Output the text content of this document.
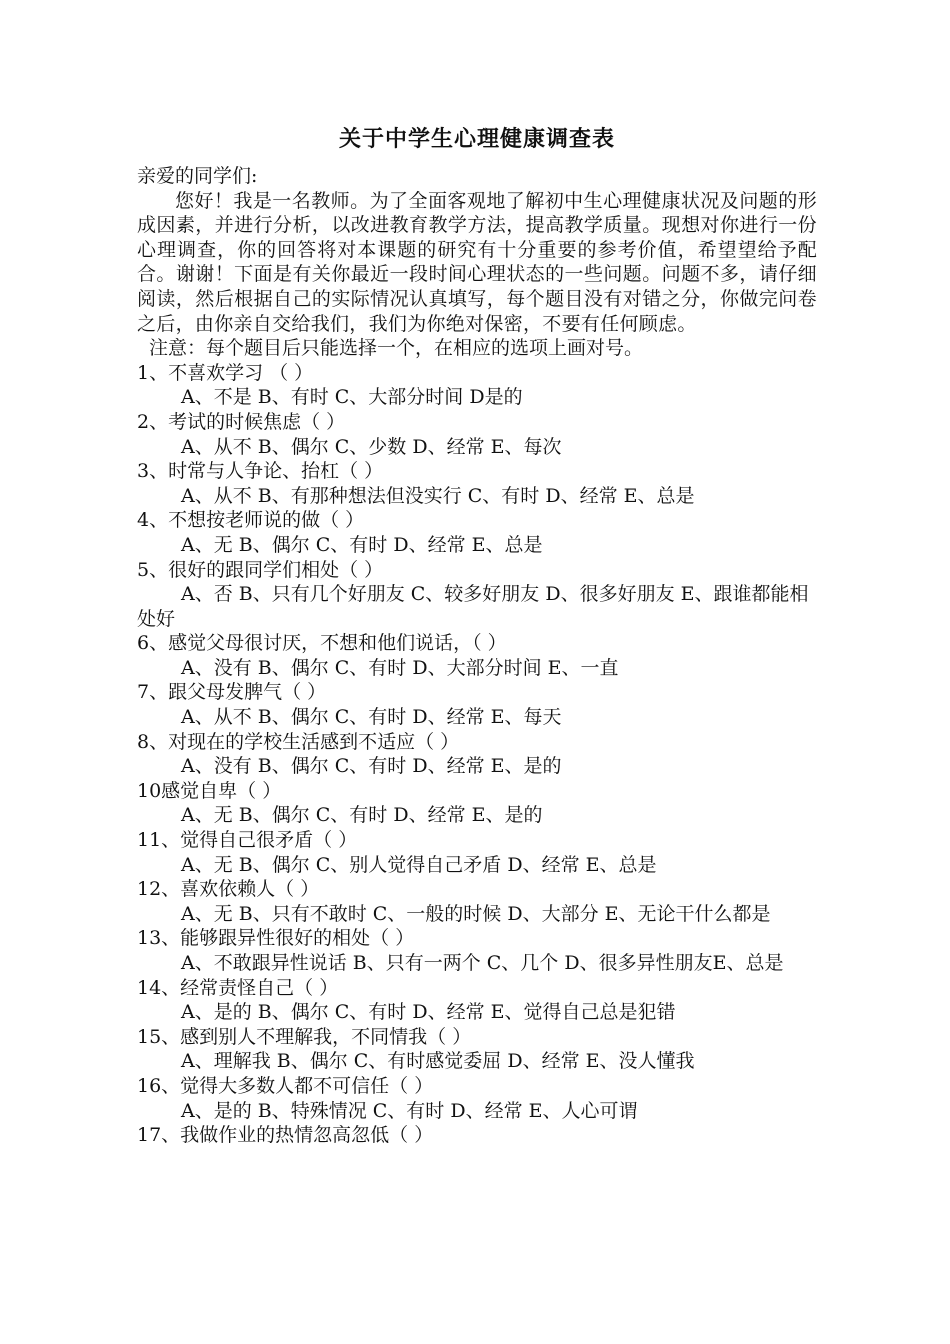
关于中学生心理健康调查表

亲爱的同学们:

您好！我是一名教师。为了全面客观地了解初中生心理健康状况及问题的形成因素，并进行分析，以改进教育教学方法，提高教学质量。现想对你进行一份心理调查，你的回答将对本课题的研究有十分重要的参考价值，希望望给予配合。谢谢！下面是有关你最近一段时间心理状态的一些问题。问题不多，请仔细阅读，然后根据自己的实际情况认真填写，每个题目没有对错之分，你做完问卷之后，由你亲自交给我们，我们为你绝对保密，不要有任何顾虑。

注意：每个题目后只能选择一个，在相应的选项上画对号。

1、不喜欢学习 （ ）

A、不是 B、有时 C、大部分时间 D是的

2、考试的时候焦虑（ ）

A、从不 B、偶尔 C、少数 D、经常 E、每次

3、时常与人争论、抬杠（ ）

A、从不 B、有那种想法但没实行 C、有时 D、经常 E、总是

4、不想按老师说的做（ ）

A、无 B、偶尔 C、有时 D、经常 E、总是

5、很好的跟同学们相处（ ）

A、否 B、只有几个好朋友 C、较多好朋友 D、很多好朋友 E、跟谁都能相处好

6、感觉父母很讨厌，不想和他们说话，（ ）

A、没有 B、偶尔 C、有时 D、大部分时间 E、一直

7、跟父母发脾气（ ）

A、从不 B、偶尔 C、有时 D、经常 E、每天

8、对现在的学校生活感到不适应（ ）

A、没有 B、偶尔 C、有时 D、经常 E、是的

10感觉自卑（ ）

A、无 B、偶尔 C、有时 D、经常 E、是的

11、觉得自己很矛盾（ ）

A、无 B、偶尔 C、别人觉得自己矛盾 D、经常 E、总是

12、喜欢依赖人（ ）

A、无 B、只有不敢时 C、一般的时候 D、大部分 E、无论干什么都是

13、能够跟异性很好的相处（ ）

A、不敢跟异性说话 B、只有一两个 C、几个 D、很多异性朋友E、总是

14、经常责怪自己（ ）

A、是的 B、偶尔 C、有时 D、经常 E、觉得自己总是犯错

15、感到别人不理解我，不同情我（ ）

A、理解我 B、偶尔 C、有时感觉委屈 D、经常 E、没人懂我

16、觉得大多数人都不可信任（ ）

A、是的 B、特殊情况 C、有时 D、经常 E、人心可谓

17、我做作业的热情忽高忽低（ ）
